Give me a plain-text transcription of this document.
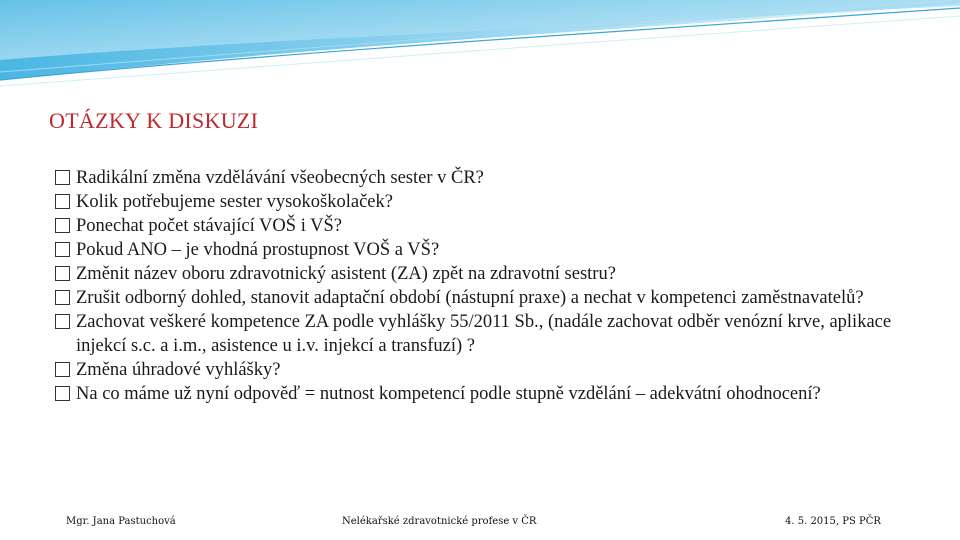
OTÁZKY K DISKUZI
Radikální změna vzdělávání všeobecných sester v ČR?
Kolik potřebujeme sester vysokoškolaček?
Ponechat počet stávající VOŠ i VŠ?
Pokud ANO – je vhodná prostupnost VOŠ a VŠ?
Změnit název oboru zdravotnický asistent (ZA) zpět na zdravotní sestru?
Zrušit odborný dohled, stanovit adaptační období (nástupní praxe) a nechat v kompetenci zaměstnavatelů?
Zachovat veškeré kompetence ZA podle vyhlášky 55/2011 Sb., (nadále zachovat odběr venózní krve, aplikace injekcí s.c. a i.m., asistence u i.v. injekcí a transfuzí) ?
Změna úhradové vyhlášky?
Na co máme už nyní odpověď = nutnost kompetencí podle stupně vzdělání – adekvátní ohodnocení?
Mgr. Jana Pastuchová	Nelékařské zdravotnické profese v ČR	4. 5. 2015, PS PČR
